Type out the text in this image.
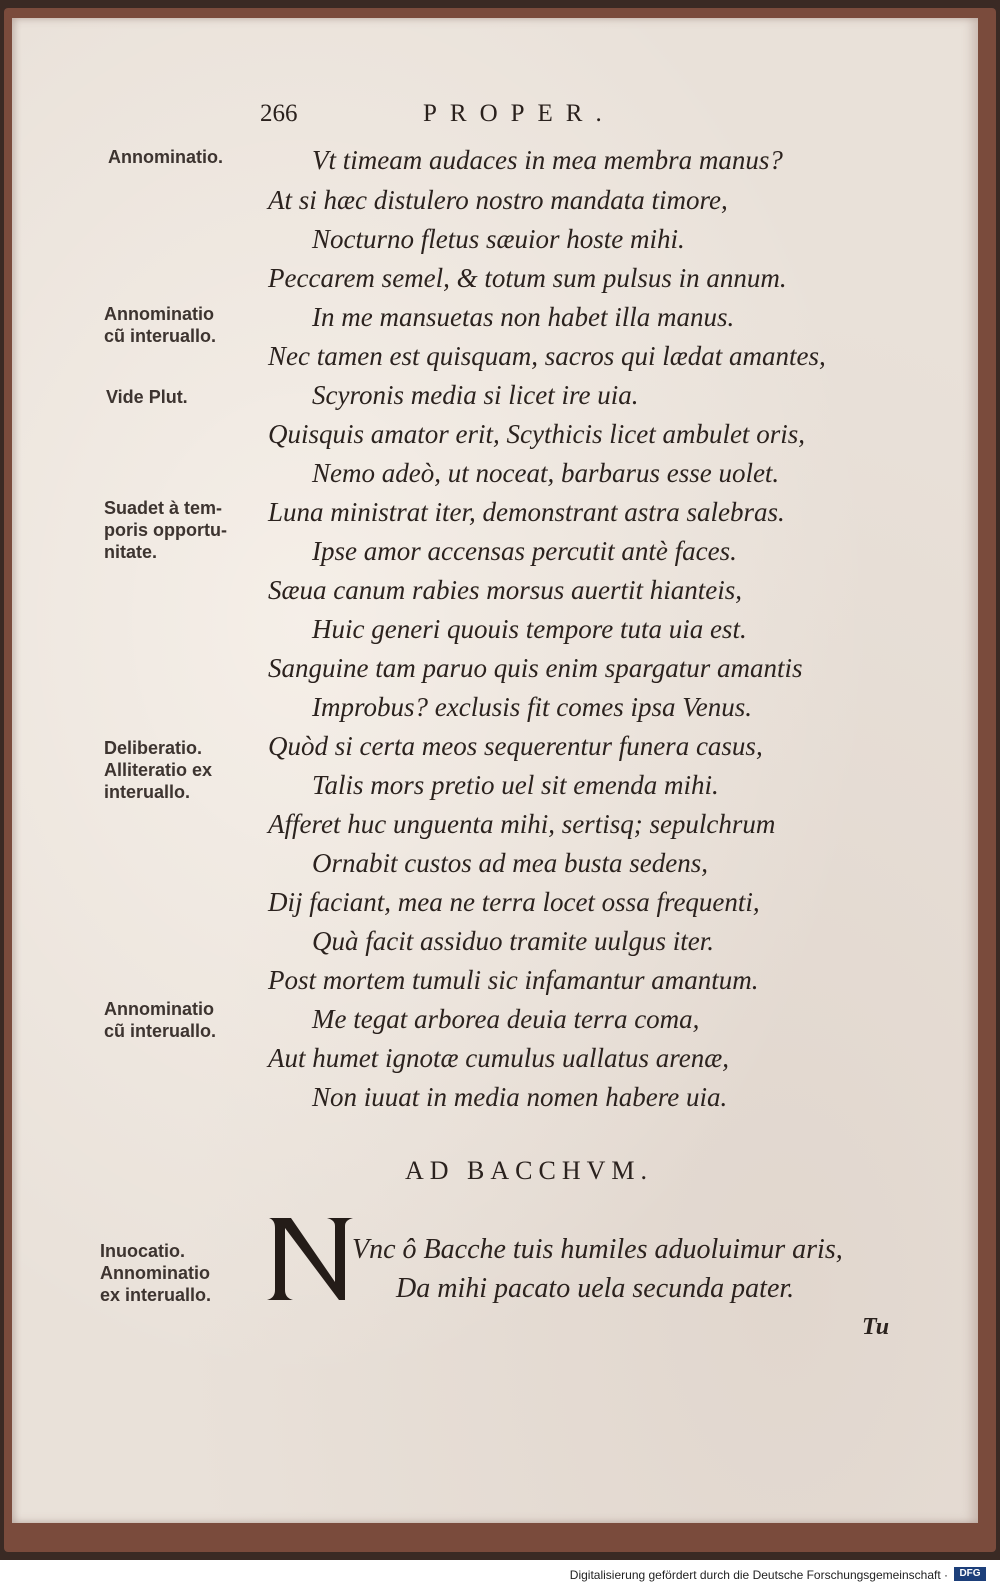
266	PROPER.
Vt timeam audaces in mea membra manus?
At si hæc distulero nostro mandata timore,
Nocturno fletus sæuior hoste mihi.
Peccarem semel, & totum sum pulsus in annum.
In me mansuetas non habet illa manus.
Nec tamen est quisquam, sacros qui lædat amantes,
Scyronis media si licet ire uia.
Quisquis amator erit, Scythicis licet ambulet oris,
Nemo adeò, ut noceat, barbarus esse uolet.
Luna ministrat iter, demonstrant astra salebras.
Ipse amor accensas percutit antè faces.
Sæua canum rabies morsus auertit hianteis,
Huic generi quouis tempore tuta uia est.
Sanguine tam paruo quis enim spargatur amantis
Improbus? exclusis fit comes ipsa Venus.
Quòd si certa meos sequerentur funera casus,
Talis mors pretio uel sit emenda mihi.
Afferet huc unguenta mihi, sertisq; sepulchrum
Ornabit custos ad mea busta sedens,
Dij faciant, mea ne terra locet ossa frequenti,
Quà facit assiduo tramite uulgus iter.
Post mortem tumuli sic infamantur amantum.
Me tegat arborea deuia terra coma,
Aut humet ignotæ cumulus uallatus arenæ,
Non iuuat in media nomen habere uia.
Annominatio.
Annominatio
cũ interuallo.
Vide Plut.
Suadet à tem-
poris opportu-
nitate.
Deliberatio.
Alliteratio ex
interuallo.
Annominatio
cũ interuallo.
Inuocatio.
Annominatio
ex interuallo.
AD BACCHVM.
Vnc ô Bacche tuis humiles aduoluimur aris,
Da mihi pacato uela secunda pater.
Tu
Digitalisierung gefördert durch die Deutsche Forschungsgemeinschaft ·	DFG
